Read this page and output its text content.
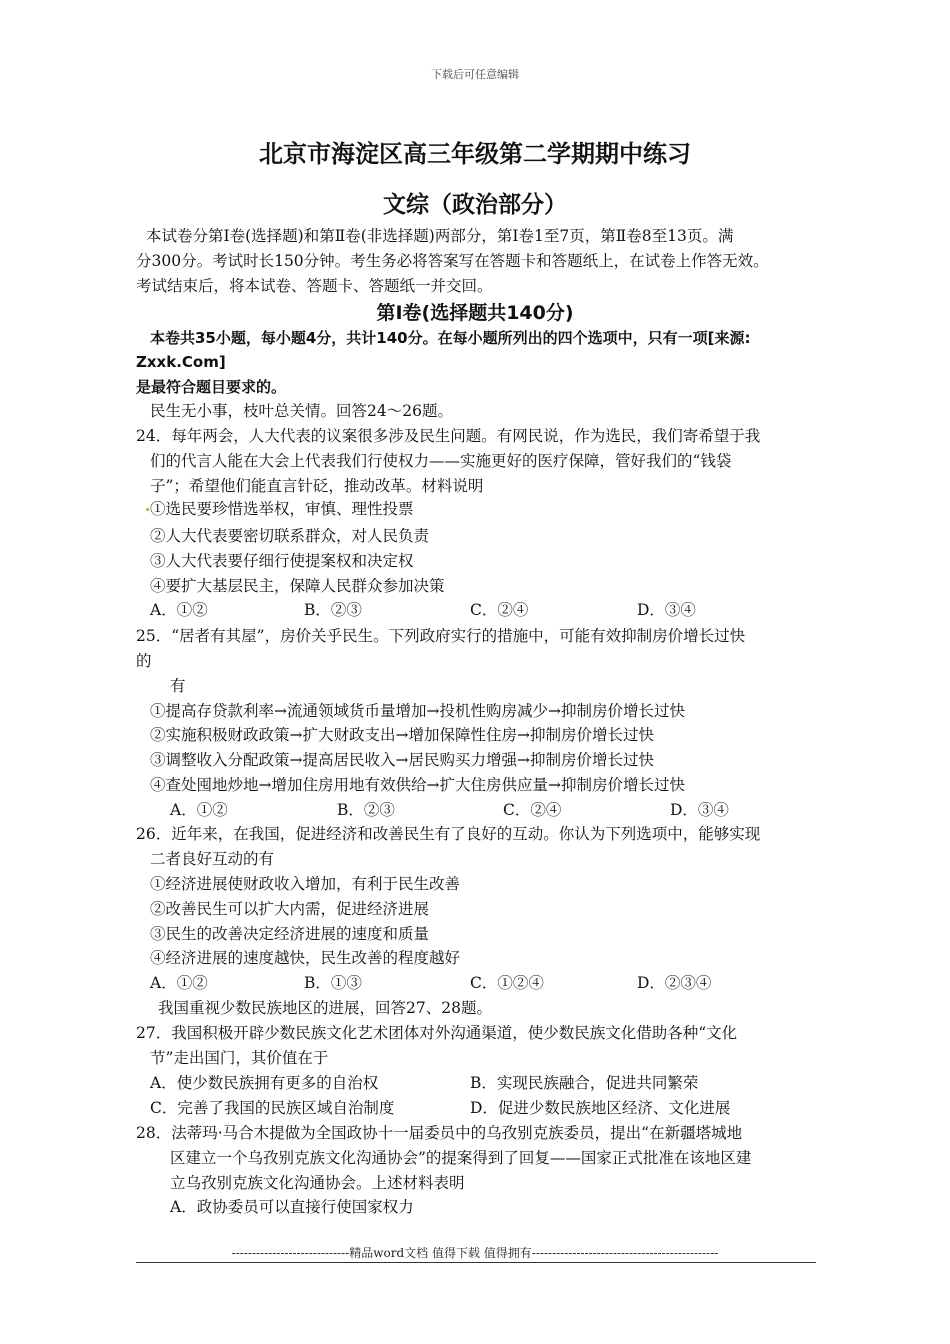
下载后可任意编辑
北京市海淀区高三年级第二学期期中练习
文综（政治部分）
本试卷分第Ⅰ卷(选择题)和第Ⅱ卷(非选择题)两部分，第Ⅰ卷1至7页，第Ⅱ卷8至13页。满
分300分。考试时长150分钟。考生务必将答案写在答题卡和答题纸上，在试卷上作答无效。
考试结束后，将本试卷、答题卡、答题纸一并交回。
第Ⅰ卷(选择题共140分)
本卷共35小题，每小题4分，共计140分。在每小题所列出的四个选项中，只有一项[来源:
Zxxk.Com]
是最符合题目要求的。
民生无小事，枝叶总关情。回答24～26题。
24．每年两会，人大代表的议案很多涉及民生问题。有网民说，作为选民，我们寄希望于我
们的代言人能在大会上代表我们行使权力——实施更好的医疗保障，管好我们的“钱袋
子”；希望他们能直言针砭，推动改革。材料说明
①选民要珍惜选举权，审慎、理性投票
②人大代表要密切联系群众，对人民负责
③人大代表要仔细行使提案权和决定权
④要扩大基层民主，保障人民群众参加决策
A．①②	B．②③	C．②④	D．③④
25．“居者有其屋”，房价关乎民生。下列政府实行的措施中，可能有效抑制房价增长过快
的
有
①提高存贷款利率→流通领域货币量增加→投机性购房减少→抑制房价增长过快
②实施积极财政政策→扩大财政支出→增加保障性住房→抑制房价增长过快
③调整收入分配政策→提高居民收入→居民购买力增强→抑制房价增长过快
④查处囤地炒地→增加住房用地有效供给→扩大住房供应量→抑制房价增长过快
A．①②	B．②③	C．②④	D．③④
26．近年来，在我国，促进经济和改善民生有了良好的互动。你认为下列选项中，能够实现
二者良好互动的有
①经济进展使财政收入增加，有利于民生改善
②改善民生可以扩大内需，促进经济进展
③民生的改善决定经济进展的速度和质量
④经济进展的速度越快，民生改善的程度越好
A．①②	B．①③	C．①②④	D．②③④
我国重视少数民族地区的进展，回答27、28题。
27．我国积极开辟少数民族文化艺术团体对外沟通渠道，使少数民族文化借助各种“文化
节”走出国门，其价值在于
A．使少数民族拥有更多的自治权	B．实现民族融合，促进共同繁荣
C．完善了我国的民族区域自治制度	D．促进少数民族地区经济、文化进展
28．法蒂玛·马合木提做为全国政协十一届委员中的乌孜别克族委员，提出“在新疆塔城地
区建立一个乌孜别克族文化沟通协会”的提案得到了回复——国家正式批准在该地区建
立乌孜别克族文化沟通协会。上述材料表明
A．政协委员可以直接行使国家权力
-----------------------------精品word文档 值得下载 值得拥有----------------------------------------------
